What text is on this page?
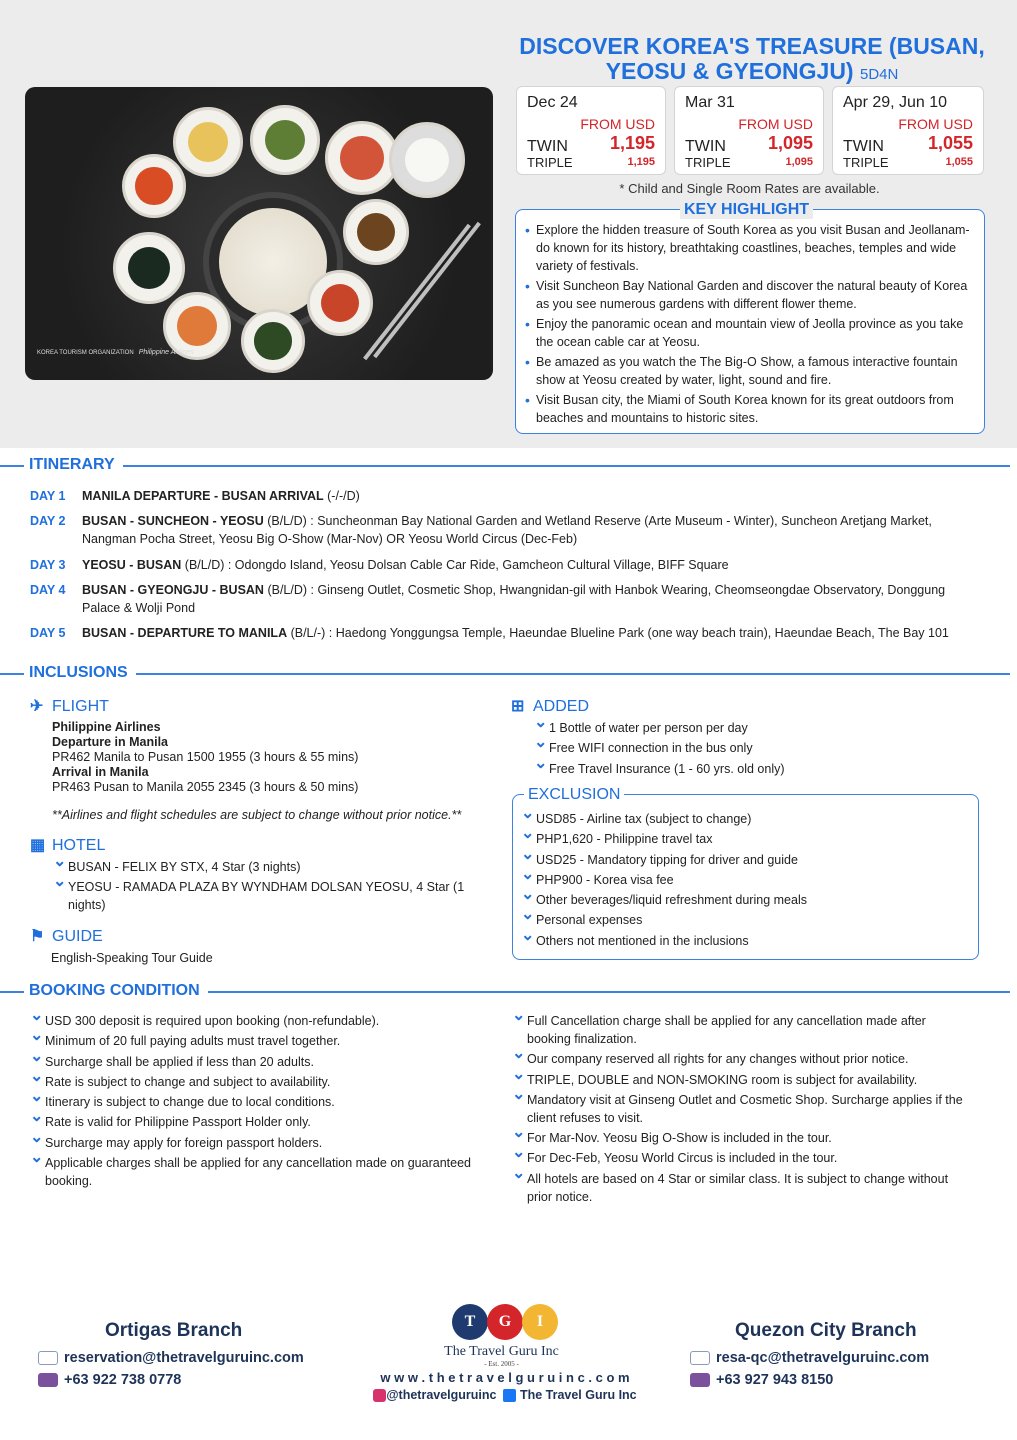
KOREA TOURISM ORGANIZATION Philippine Airlines
DISCOVER KOREA'S TREASURE (BUSAN,
YEOSU & GYEONGJU) 5D4N
Dec 24
FROM USD
TWIN 1,195
TRIPLE	1,195
Mar 31
FROM USD
TWIN 1,095
TRIPLE	1,095
Apr 29, Jun 10
FROM USD
TWIN 1,055
TRIPLE	1,055
* Child and Single Room Rates are available.
KEY HIGHLIGHT
• Explore the hidden treasure of South Korea as you visit Busan and Jeollanam-do known for its history, breathtaking coastlines, beaches, temples and wide variety of festivals.
• Visit Suncheon Bay National Garden and discover the natural beauty of Korea as you see numerous gardens with different flower theme.
• Enjoy the panoramic ocean and mountain view of Jeolla province as you take the ocean cable car at Yeosu.
• Be amazed as you watch the The Big-O Show, a famous interactive fountain show at Yeosu created by water, light, sound and fire.
• Visit Busan city, the Miami of South Korea known for its great outdoors from beaches and mountains to historic sites.
ITINERARY
DAY 1	MANILA DEPARTURE - BUSAN ARRIVAL (-/-/D)
DAY 2	BUSAN - SUNCHEON - YEOSU (B/L/D) : Suncheonman Bay National Garden and Wetland Reserve (Arte Museum - Winter), Suncheon Aretjang Market, Nangman Pocha Street, Yeosu Big O-Show (Mar-Nov) OR Yeosu World Circus (Dec-Feb)
DAY 3	YEOSU - BUSAN (B/L/D) : Odongdo Island, Yeosu Dolsan Cable Car Ride, Gamcheon Cultural Village, BIFF Square
DAY 4	BUSAN - GYEONGJU - BUSAN (B/L/D) : Ginseng Outlet, Cosmetic Shop, Hwangnidan-gil with Hanbok Wearing, Cheomseongdae Observatory, Donggung Palace & Wolji Pond
DAY 5	BUSAN - DEPARTURE TO MANILA (B/L/-) : Haedong Yonggungsa Temple, Haeundae Blueline Park (one way beach train), Haeundae Beach, The Bay 101
INCLUSIONS
✈ FLIGHT
Philippine Airlines
Departure in Manila
PR462 Manila to Pusan 1500 1955 (3 hours & 55 mins)
Arrival in Manila
PR463 Pusan to Manila 2055 2345 (3 hours & 50 mins)
**Airlines and flight schedules are subject to change without prior notice.**
▦ HOTEL
⌄ BUSAN - FELIX BY STX, 4 Star (3 nights)
⌄ YEOSU - RAMADA PLAZA BY WYNDHAM DOLSAN YEOSU, 4 Star (1 nights)
⚑ GUIDE
English-Speaking Tour Guide
⊞ ADDED
⌄ 1 Bottle of water per person per day
⌄ Free WIFI connection in the bus only
⌄ Free Travel Insurance (1 - 60 yrs. old only)
EXCLUSION
⌄ USD85 - Airline tax (subject to change)
⌄ PHP1,620 - Philippine travel tax
⌄ USD25 - Mandatory tipping for driver and guide
⌄ PHP900 - Korea visa fee
⌄ Other beverages/liquid refreshment during meals
⌄ Personal expenses
⌄ Others not mentioned in the inclusions
BOOKING CONDITION
⌄ USD 300 deposit is required upon booking (non-refundable).
⌄ Minimum of 20 full paying adults must travel together.
⌄ Surcharge shall be applied if less than 20 adults.
⌄ Rate is subject to change and subject to availability.
⌄ Itinerary is subject to change due to local conditions.
⌄ Rate is valid for Philippine Passport Holder only.
⌄ Surcharge may apply for foreign passport holders.
⌄ Applicable charges shall be applied for any cancellation made on guaranteed booking.
⌄ Full Cancellation charge shall be applied for any cancellation made after booking finalization.
⌄ Our company reserved all rights for any changes without prior notice.
⌄ TRIPLE, DOUBLE and NON-SMOKING room is subject for availability.
⌄ Mandatory visit at Ginseng Outlet and Cosmetic Shop. Surcharge applies if the client refuses to visit.
⌄ For Mar-Nov. Yeosu Big O-Show is included in the tour.
⌄ For Dec-Feb, Yeosu World Circus is included in the tour.
⌄ All hotels are based on 4 Star or similar class. It is subject to change without prior notice.
Ortigas Branch
reservation@thetravelguruinc.com
+63 922 738 0778
T	G	I
The Travel Guru Inc
- Est. 2005 -
w w w . t h e t r a v e l g u r u i n c . c o m
@thetravelguruinc The Travel Guru Inc
Quezon City Branch
resa-qc@thetravelguruinc.com
+63 927 943 8150
